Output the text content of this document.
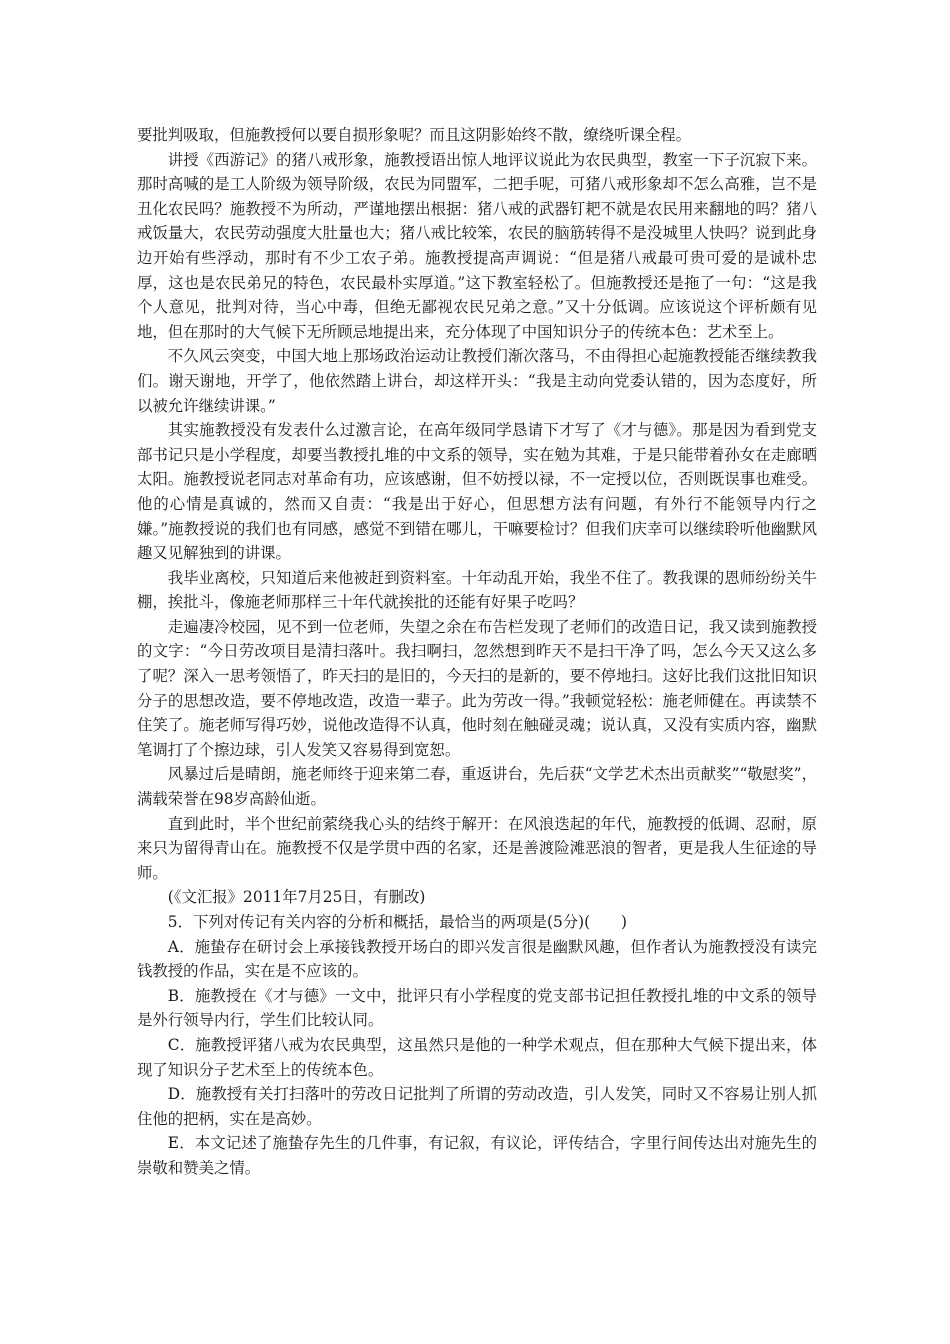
要批判吸取，但施教授何以要自损形象呢？而且这阴影始终不散，缭绕听课全程。

讲授《西游记》的猪八戒形象，施教授语出惊人地评议说此为农民典型，教室一下子沉寂下来。那时高喊的是工人阶级为领导阶级，农民为同盟军，二把手呢，可猪八戒形象却不怎么高雅，岂不是丑化农民吗？施教授不为所动，严谨地摆出根据：猪八戒的武器钉耙不就是农民用来翻地的吗？猪八戒饭量大，农民劳动强度大肚量也大；猪八戒比较笨，农民的脑筋转得不是没城里人快吗？说到此身边开始有些浮动，那时有不少工农子弟。施教授提高声调说：“但是猪八戒最可贵可爱的是诚朴忠厚，这也是农民弟兄的特色，农民最朴实厚道。”这下教室轻松了。但施教授还是拖了一句：“这是我个人意见，批判对待，当心中毒，但绝无鄙视农民兄弟之意。”又十分低调。应该说这个评析颇有见地，但在那时的大气候下无所顾忌地提出来，充分体现了中国知识分子的传统本色：艺术至上。

不久风云突变，中国大地上那场政治运动让教授们渐次落马，不由得担心起施教授能否继续教我们。谢天谢地，开学了，他依然踏上讲台，却这样开头：“我是主动向党委认错的，因为态度好，所以被允许继续讲课。”

其实施教授没有发表什么过激言论，在高年级同学恳请下才写了《才与德》。那是因为看到党支部书记只是小学程度，却要当教授扎堆的中文系的领导，实在勉为其难，于是只能带着孙女在走廊晒太阳。施教授说老同志对革命有功，应该感谢，但不妨授以禄，不一定授以位，否则既误事也难受。他的心情是真诚的，然而又自责：“我是出于好心，但思想方法有问题，有外行不能领导内行之嫌。”施教授说的我们也有同感，感觉不到错在哪儿，干嘛要检讨？但我们庆幸可以继续聆听他幽默风趣又见解独到的讲课。

我毕业离校，只知道后来他被赶到资料室。十年动乱开始，我坐不住了。教我课的恩师纷纷关牛棚，挨批斗，像施老师那样三十年代就挨批的还能有好果子吃吗？

走遍凄冷校园，见不到一位老师，失望之余在布告栏发现了老师们的改造日记，我又读到施教授的文字：“今日劳改项目是清扫落叶。我扫啊扫，忽然想到昨天不是扫干净了吗，怎么今天又这么多了呢？深入一思考领悟了，昨天扫的是旧的，今天扫的是新的，要不停地扫。这好比我们这批旧知识分子的思想改造，要不停地改造，改造一辈子。此为劳改一得。”我顿觉轻松：施老师健在。再读禁不住笑了。施老师写得巧妙，说他改造得不认真，他时刻在触碰灵魂；说认真，又没有实质内容，幽默笔调打了个擦边球，引人发笑又容易得到宽恕。

风暴过后是晴朗，施老师终于迎来第二春，重返讲台，先后获“文学艺术杰出贡献奖”“敬慰奖”，满载荣誉在98岁高龄仙逝。

直到此时，半个世纪前萦绕我心头的结终于解开：在风浪迭起的年代，施教授的低调、忍耐，原来只为留得青山在。施教授不仅是学贯中西的名家，还是善渡险滩恶浪的智者，更是我人生征途的导师。

(《文汇报》2011年7月25日，有删改)

5．下列对传记有关内容的分析和概括，最恰当的两项是(5分)(　　)

A．施蛰存在研讨会上承接钱教授开场白的即兴发言很是幽默风趣，但作者认为施教授没有读完钱教授的作品，实在是不应该的。

B．施教授在《才与德》一文中，批评只有小学程度的党支部书记担任教授扎堆的中文系的领导是外行领导内行，学生们比较认同。

C．施教授评猪八戒为农民典型，这虽然只是他的一种学术观点，但在那种大气候下提出来，体现了知识分子艺术至上的传统本色。

D．施教授有关打扫落叶的劳改日记批判了所谓的劳动改造，引人发笑，同时又不容易让别人抓住他的把柄，实在是高妙。

E．本文记述了施蛰存先生的几件事，有记叙，有议论，评传结合，字里行间传达出对施先生的崇敬和赞美之情。
